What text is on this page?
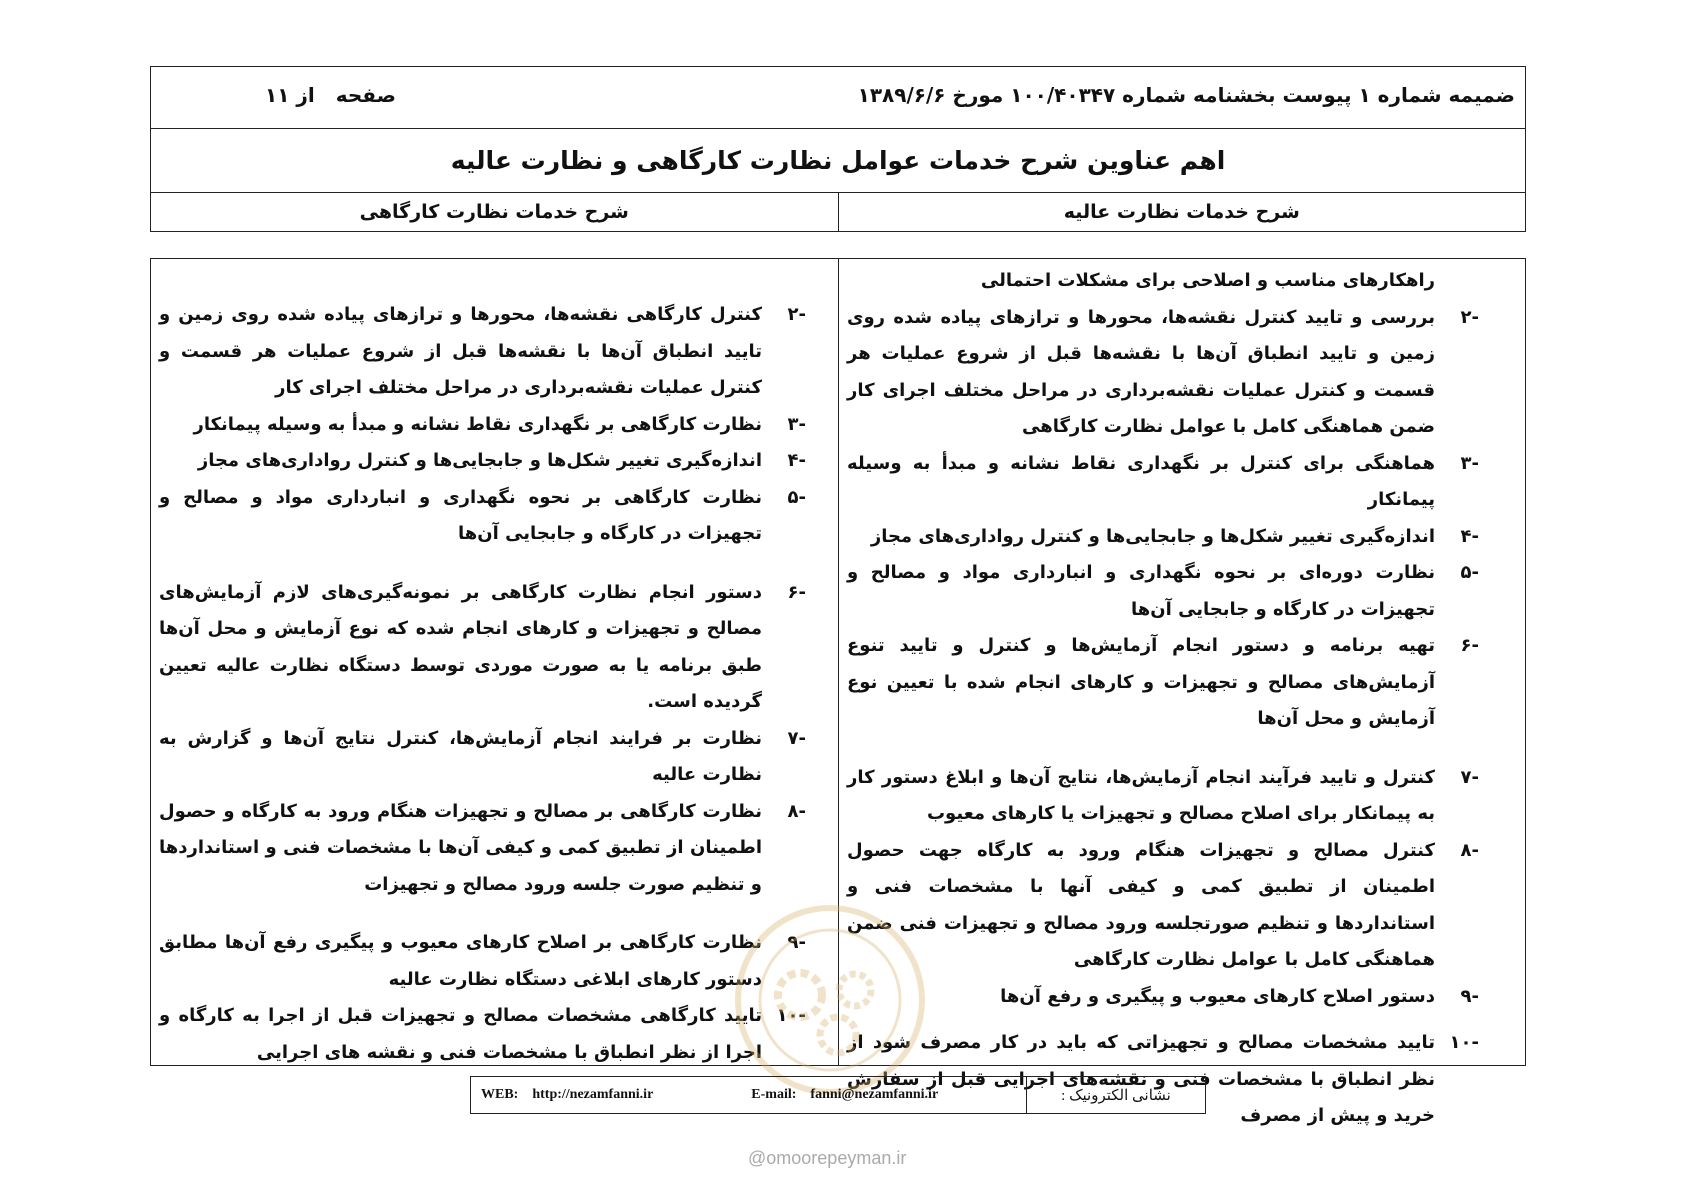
ضمیمه شماره ۱ پیوست بخشنامه شماره ۱۰۰/۴۰۳۴۷ مورخ ۱۳۸۹/۶/۶
صفحه از ۱۱
اهم عناوین شرح خدمات عوامل نظارت کارگاهی و نظارت عالیه
شرح خدمات نظارت عالیه
شرح خدمات نظارت کارگاهی
راهکارهای مناسب و اصلاحی برای مشکلات احتمالی
-۲
بررسی و تایید کنترل نقشه‌ها، محورها و ترازهای پیاده شده روی زمین و تایید انطباق آن‌ها با نقشه‌ها قبل از شروع عملیات هر قسمت و کنترل عملیات نقشه‌برداری در مراحل مختلف اجرای کار ضمن هماهنگی کامل با عوامل نظارت کارگاهی
-۳
هماهنگی برای کنترل بر نگهداری نقاط نشانه و مبدأ به وسیله پیمانکار
-۴
اندازه‌گیری تغییر شکل‌ها و جابجایی‌ها و کنترل رواداری‌های مجاز
-۵
نظارت دوره‌ای بر نحوه نگهداری و انبارداری مواد و مصالح و تجهیزات در کارگاه و جابجایی آن‌ها
-۶
تهیه برنامه و دستور انجام آزمایش‌ها و کنترل و تایید تنوع آزمایش‌های مصالح و تجهیزات و کارهای انجام شده با تعیین نوع آزمایش و محل آن‌ها
-۷
کنترل و تایید فرآیند انجام آزمایش‌ها، نتایج آن‌ها و ابلاغ دستور کار به پیمانکار برای اصلاح مصالح و تجهیزات یا کارهای معیوب
-۸
کنترل مصالح و تجهیزات هنگام ورود به کارگاه جهت حصول اطمینان از تطبیق کمی و کیفی آنها با مشخصات فنی و استانداردها و تنظیم صورتجلسه ورود مصالح و تجهیزات فنی ضمن هماهنگی کامل با عوامل نظارت کارگاهی
-۹
دستور اصلاح کارهای معیوب و پیگیری و رفع آن‌ها
-۱۰
تایید مشخصات مصالح و تجهیزاتی که باید در کار مصرف شود از نظر انطباق با مشخصات فنی و نقشه‌های اجرایی قبل از سفارش خرید و پیش از مصرف
-۲
کنترل کارگاهی نقشه‌ها، محورها و ترازهای پیاده شده روی زمین و تایید انطباق آن‌ها با نقشه‌ها قبل از شروع عملیات هر قسمت و کنترل عملیات نقشه‌برداری در مراحل مختلف اجرای کار
-۳
نظارت کارگاهی بر نگهداری نقاط نشانه و مبدأ به وسیله پیمانکار
-۴
اندازه‌گیری تغییر شکل‌ها و جابجایی‌ها و کنترل رواداری‌های مجاز
-۵
نظارت کارگاهی بر نحوه نگهداری و انبارداری مواد و مصالح و تجهیزات در کارگاه و جابجایی آن‌ها
-۶
دستور انجام نظارت کارگاهی بر نمونه‌گیری‌های لازم آزمایش‌های مصالح و تجهیزات و کارهای انجام شده که نوع آزمایش و محل آن‌ها طبق برنامه یا به صورت موردی توسط دستگاه نظارت عالیه تعیین گردیده است.
-۷
نظارت بر فرایند انجام آزمایش‌ها، کنترل نتایج آن‌ها و گزارش به نظارت عالیه
-۸
نظارت کارگاهی بر مصالح و تجهیزات هنگام ورود به کارگاه و حصول اطمینان از تطبیق کمی و کیفی آن‌ها با مشخصات فنی و استانداردها و تنظیم صورت جلسه ورود مصالح و تجهیزات
-۹
نظارت کارگاهی بر اصلاح کارهای معیوب و پیگیری رفع آن‌ها مطابق دستور کارهای ابلاغی دستگاه نظارت عالیه
-۱۰
تایید کارگاهی مشخصات مصالح و تجهیزات قبل از اجرا به کارگاه و اجرا از نظر انطباق با مشخصات فنی و نقشه های اجرایی
نشانی الکترونیک :
WEB: http://nezamfanni.ir	E-mail: fanni@nezamfanni.ir
@omoorepeyman.ir
